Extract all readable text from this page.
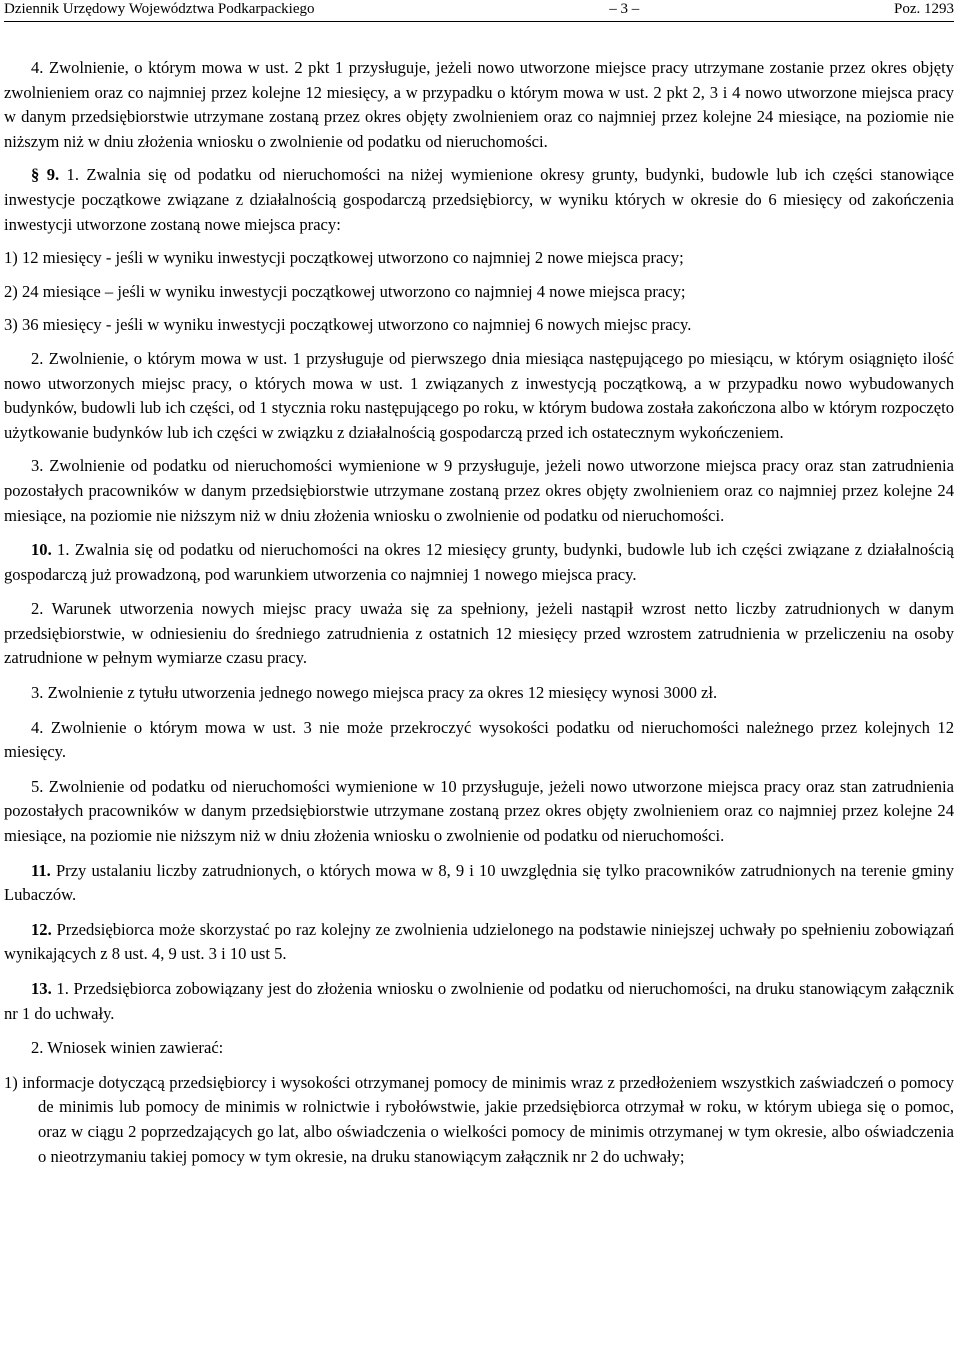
Dziennik Urzędowy Województwa Podkarpackiego	– 3 –	Poz. 1293

4. Zwolnienie, o którym mowa w ust. 2 pkt 1 przysługuje, jeżeli nowo utworzone miejsce pracy utrzymane zostanie przez okres objęty zwolnieniem oraz co najmniej przez kolejne 12 miesięcy, a w przypadku o którym mowa w ust. 2 pkt 2, 3 i 4 nowo utworzone miejsca pracy w danym przedsiębiorstwie utrzymane zostaną przez okres objęty zwolnieniem oraz co najmniej przez kolejne 24 miesiące, na poziomie nie niższym niż w dniu złożenia wniosku o zwolnienie od podatku od nieruchomości.

§ 9. 1. Zwalnia się od podatku od nieruchomości na niżej wymienione okresy grunty, budynki, budowle lub ich części stanowiące inwestycje początkowe związane z działalnością gospodarczą przedsiębiorcy, w wyniku których w okresie do 6 miesięcy od zakończenia inwestycji utworzone zostaną nowe miejsca pracy:

1) 12 miesięcy - jeśli w wyniku inwestycji początkowej utworzono co najmniej 2 nowe miejsca pracy;

2) 24 miesiące – jeśli w wyniku inwestycji początkowej utworzono co najmniej 4 nowe miejsca pracy;

3) 36 miesięcy - jeśli w wyniku inwestycji początkowej utworzono co najmniej 6 nowych miejsc pracy.

2. Zwolnienie, o którym mowa w ust. 1 przysługuje od pierwszego dnia miesiąca następującego po miesiącu, w którym osiągnięto ilość nowo utworzonych miejsc pracy, o których mowa w ust. 1 związanych z inwestycją początkową, a w przypadku nowo wybudowanych budynków, budowli lub ich części, od 1 stycznia roku następującego po roku, w którym budowa została zakończona albo w którym rozpoczęto użytkowanie budynków lub ich części w związku z działalnością gospodarczą przed ich ostatecznym wykończeniem.

3. Zwolnienie od podatku od nieruchomości wymienione w 9 przysługuje, jeżeli nowo utworzone miejsca pracy oraz stan zatrudnienia pozostałych pracowników w danym przedsiębiorstwie utrzymane zostaną przez okres objęty zwolnieniem oraz co najmniej przez kolejne 24 miesiące, na poziomie nie niższym niż w dniu złożenia wniosku o zwolnienie od podatku od nieruchomości.

10. 1. Zwalnia się od podatku od nieruchomości na okres 12 miesięcy grunty, budynki, budowle lub ich części związane z działalnością gospodarczą już prowadzoną, pod warunkiem utworzenia co najmniej 1 nowego miejsca pracy.

2. Warunek utworzenia nowych miejsc pracy uważa się za spełniony, jeżeli nastąpił wzrost netto liczby zatrudnionych w danym przedsiębiorstwie, w odniesieniu do średniego zatrudnienia z ostatnich 12 miesięcy przed wzrostem zatrudnienia w przeliczeniu na osoby zatrudnione w pełnym wymiarze czasu pracy.

3. Zwolnienie z tytułu utworzenia jednego nowego miejsca pracy za okres 12 miesięcy wynosi 3000 zł.

4. Zwolnienie o którym mowa w ust. 3 nie może przekroczyć wysokości podatku od nieruchomości należnego przez kolejnych 12 miesięcy.

5. Zwolnienie od podatku od nieruchomości wymienione w 10 przysługuje, jeżeli nowo utworzone miejsca pracy oraz stan zatrudnienia pozostałych pracowników w danym przedsiębiorstwie utrzymane zostaną przez okres objęty zwolnieniem oraz co najmniej przez kolejne 24 miesiące, na poziomie nie niższym niż w dniu złożenia wniosku o zwolnienie od podatku od nieruchomości.

11. Przy ustalaniu liczby zatrudnionych, o których mowa w 8, 9 i 10 uwzględnia się tylko pracowników zatrudnionych na terenie gminy Lubaczów.

12. Przedsiębiorca może skorzystać po raz kolejny ze zwolnienia udzielonego na podstawie niniejszej uchwały po spełnieniu zobowiązań wynikających z 8 ust. 4, 9 ust. 3 i 10 ust 5.

13. 1. Przedsiębiorca zobowiązany jest do złożenia wniosku o zwolnienie od podatku od nieruchomości, na druku stanowiącym załącznik nr 1 do uchwały.

2. Wniosek winien zawierać:

1) informacje dotyczącą przedsiębiorcy i wysokości otrzymanej pomocy de minimis wraz z przedłożeniem wszystkich zaświadczeń o pomocy de minimis lub pomocy de minimis w rolnictwie i rybołówstwie, jakie przedsiębiorca otrzymał w roku, w którym ubiega się o pomoc, oraz w ciągu 2 poprzedzających go lat, albo oświadczenia o wielkości pomocy de minimis otrzymanej w tym okresie, albo oświadczenia o nieotrzymaniu takiej pomocy w tym okresie, na druku stanowiącym załącznik nr 2 do uchwały;
